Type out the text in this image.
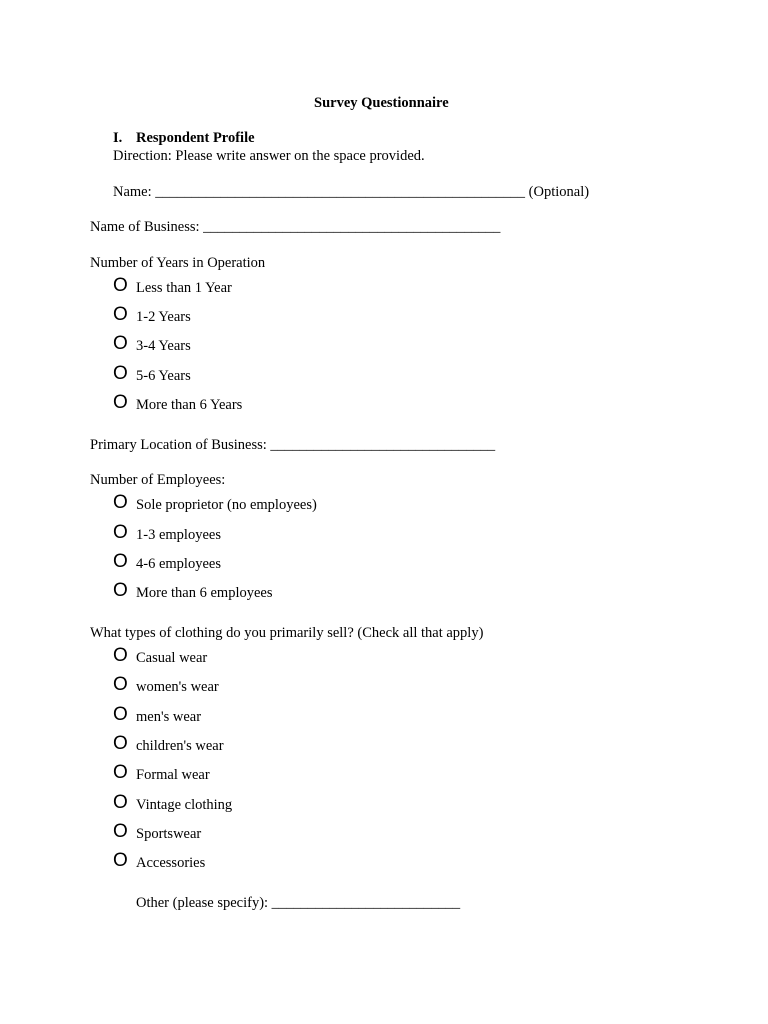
Survey Questionnaire
I. Respondent Profile
Direction: Please write answer on the space provided.
Name: ___________________________________________________ (Optional)
Name of Business: _________________________________________
Number of Years in Operation
O Less than 1 Year
O 1-2 Years
O 3-4 Years
O 5-6 Years
O More than 6 Years
Primary Location of Business: _______________________________
Number of Employees:
O Sole proprietor (no employees)
O 1-3 employees
O 4-6 employees
O More than 6 employees
What types of clothing do you primarily sell? (Check all that apply)
O Casual wear
O women's wear
O men's wear
O children's wear
O Formal wear
O Vintage clothing
O Sportswear
O Accessories
Other (please specify): __________________________
